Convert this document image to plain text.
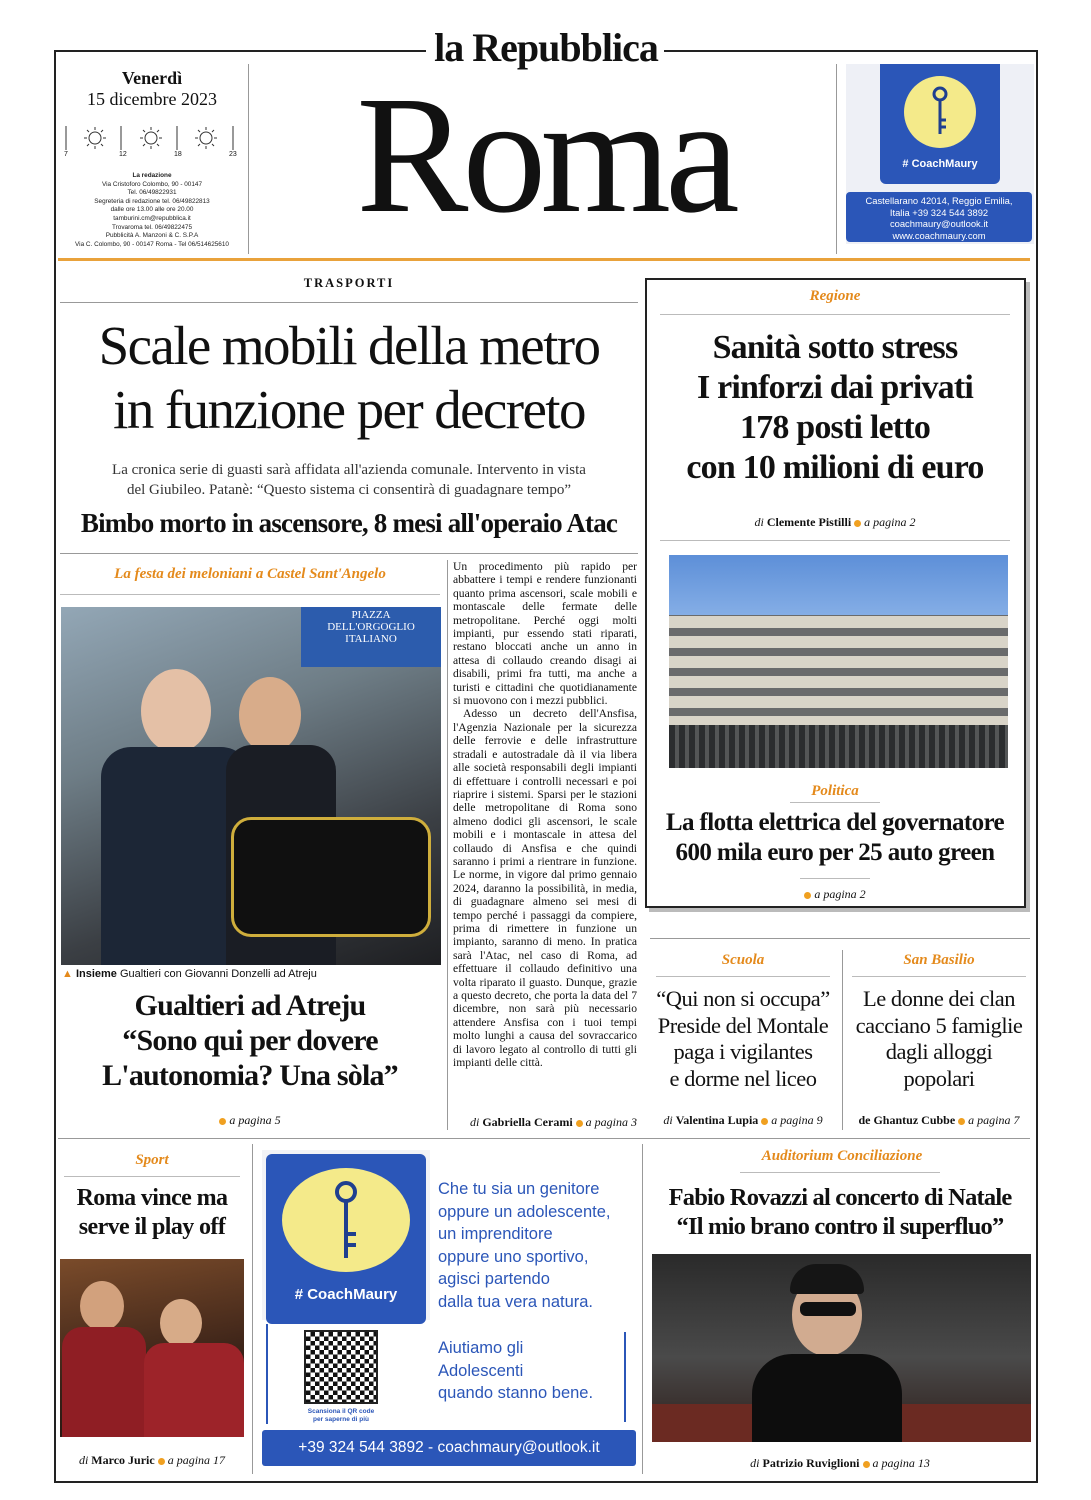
la Repubblica
Venerdì
15 dicembre 2023
7	12	18	23
La redazione
Via Cristoforo Colombo, 90 - 00147
Tel. 06/49822931
Segreteria di redazione tel. 06/49822813
dalle ore 13.00 alle ore 20.00
tamburini.cm@repubblica.it
Trovaroma tel. 06/49822475
Pubblicità A. Manzoni & C. S.P.A
Via C. Colombo, 90 - 00147 Roma - Tel 06/514625610 Roma	# CoachMaury
Castellarano 42014, Reggio Emilia,
Italia +39 324 544 3892
coachmaury@outlook.it
www.coachmaury.com
TRASPORTI
Scale mobili della metro
in funzione per decreto
La cronica serie di guasti sarà affidata all'azienda comunale. Intervento in vista
del Giubileo. Patanè: “Questo sistema ci consentirà di guadagnare tempo”
Bimbo morto in ascensore, 8 mesi all'operaio Atac

Un procedimento più rapido per abbattere i tempi e rendere funzionanti quanto prima ascensori, scale mobili e montascale delle fermate delle metropolitane. Perché oggi molti impianti, pur essendo stati riparati, restano bloccati anche un anno in attesa di collaudo creando disagi ai disabili, primi fra tutti, ma anche a turisti e cittadini che quotidianamente si muovono con i mezzi pubblici.

Adesso un decreto dell'Ansfisa, l'Agenzia Nazionale per la sicurezza delle ferrovie e delle infrastrutture stradali e autostradale dà il via libera alle società responsabili degli impianti di effettuare i controlli necessari e poi riaprire i sistemi. Sparsi per le stazioni delle metropolitane di Roma sono almeno dodici gli ascensori, le scale mobili e i montascale in attesa del collaudo di Ansfisa e che quindi saranno i primi a rientrare in funzione. Le norme, in vigore dal primo gennaio 2024, daranno la possibilità, in media, di guadagnare almeno sei mesi di tempo perché i passaggi da compiere, prima di rimettere in funzione un impianto, saranno di meno. In pratica sarà l'Atac, nel caso di Roma, ad effettuare il collaudo definitivo una volta riparato il guasto. Dunque, grazie a questo decreto, che porta la data del 7 dicembre, non sarà più necessario attendere Ansfisa con i tuoi tempi molto lunghi a causa del sovraccarico di lavoro legato al controllo di tutti gli impianti delle città.

di Gabriella Cerami a pagina 3
La festa dei meloniani a Castel Sant'Angelo
PIAZZA
DELL'ORGOGLIO
ITALIANO
▲ Insieme Gualtieri con Giovanni Donzelli ad Atreju
Gualtieri ad Atreju
“Sono qui per dovere
L'autonomia? Una sòla”
a pagina 5
Regione
Sanità sotto stress
I rinforzi dai privati
178 posti letto
con 10 milioni di euro
di Clemente Pistilli a pagina 2
Politica
La flotta elettrica del governatore
600 mila euro per 25 auto green
a pagina 2
Scuola
“Qui non si occupa”
Preside del Montale
paga i vigilantes
e dorme nel liceo
di Valentina Lupia a pagina 9
San Basilio
Le donne dei clan
cacciano 5 famiglie
dagli alloggi
popolari
de Ghantuz Cubbe a pagina 7
Sport
Roma vince ma
serve il play off
di Marco Juric a pagina 17
# CoachMaury
Che tu sia un genitore
oppure un adolescente,
un imprenditore
oppure uno sportivo,
agisci partendo
dalla tua vera natura.
Aiutiamo gli
Adolescenti
quando stanno bene.
Scansiona il QR code
per saperne di più
+39 324 544 3892 - coachmaury@outlook.it
Auditorium Conciliazione
Fabio Rovazzi al concerto di Natale
“Il mio brano contro il superfluo”
di Patrizio Ruviglioni a pagina 13
